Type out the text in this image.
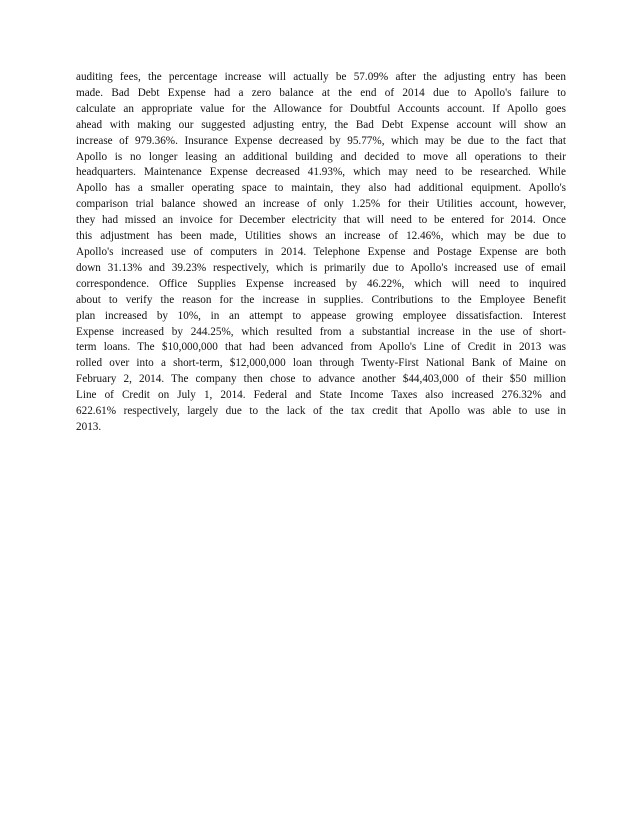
auditing fees, the percentage increase will actually be 57.09% after the adjusting entry has been
made. Bad Debt Expense had a zero balance at the end of 2014 due to Apollo's failure to
calculate an appropriate value for the Allowance for Doubtful Accounts account. If Apollo goes
ahead with making our suggested adjusting entry, the Bad Debt Expense account will show an
increase of 979.36%. Insurance Expense decreased by 95.77%, which may be due to the fact that
Apollo is no longer leasing an additional building and decided to move all operations to their
headquarters. Maintenance Expense decreased 41.93%, which may need to be researched. While
Apollo has a smaller operating space to maintain, they also had additional equipment. Apollo's
comparison trial balance showed an increase of only 1.25% for their Utilities account, however,
they had missed an invoice for December electricity that will need to be entered for 2014. Once
this adjustment has been made, Utilities shows an increase of 12.46%, which may be due to
Apollo's increased use of computers in 2014. Telephone Expense and Postage Expense are both
down 31.13% and 39.23% respectively, which is primarily due to Apollo's increased use of email
correspondence. Office Supplies Expense increased by 46.22%, which will need to inquired
about to verify the reason for the increase in supplies. Contributions to the Employee Benefit
plan increased by 10%, in an attempt to appease growing employee dissatisfaction. Interest
Expense increased by 244.25%, which resulted from a substantial increase in the use of short-
term loans. The $10,000,000 that had been advanced from Apollo's Line of Credit in 2013 was
rolled over into a short-term, $12,000,000 loan through Twenty-First National Bank of Maine on
February 2, 2014. The company then chose to advance another $44,403,000 of their $50 million
Line of Credit on July 1, 2014. Federal and State Income Taxes also increased 276.32% and
622.61% respectively, largely due to the lack of the tax credit that Apollo was able to use in
2013.
